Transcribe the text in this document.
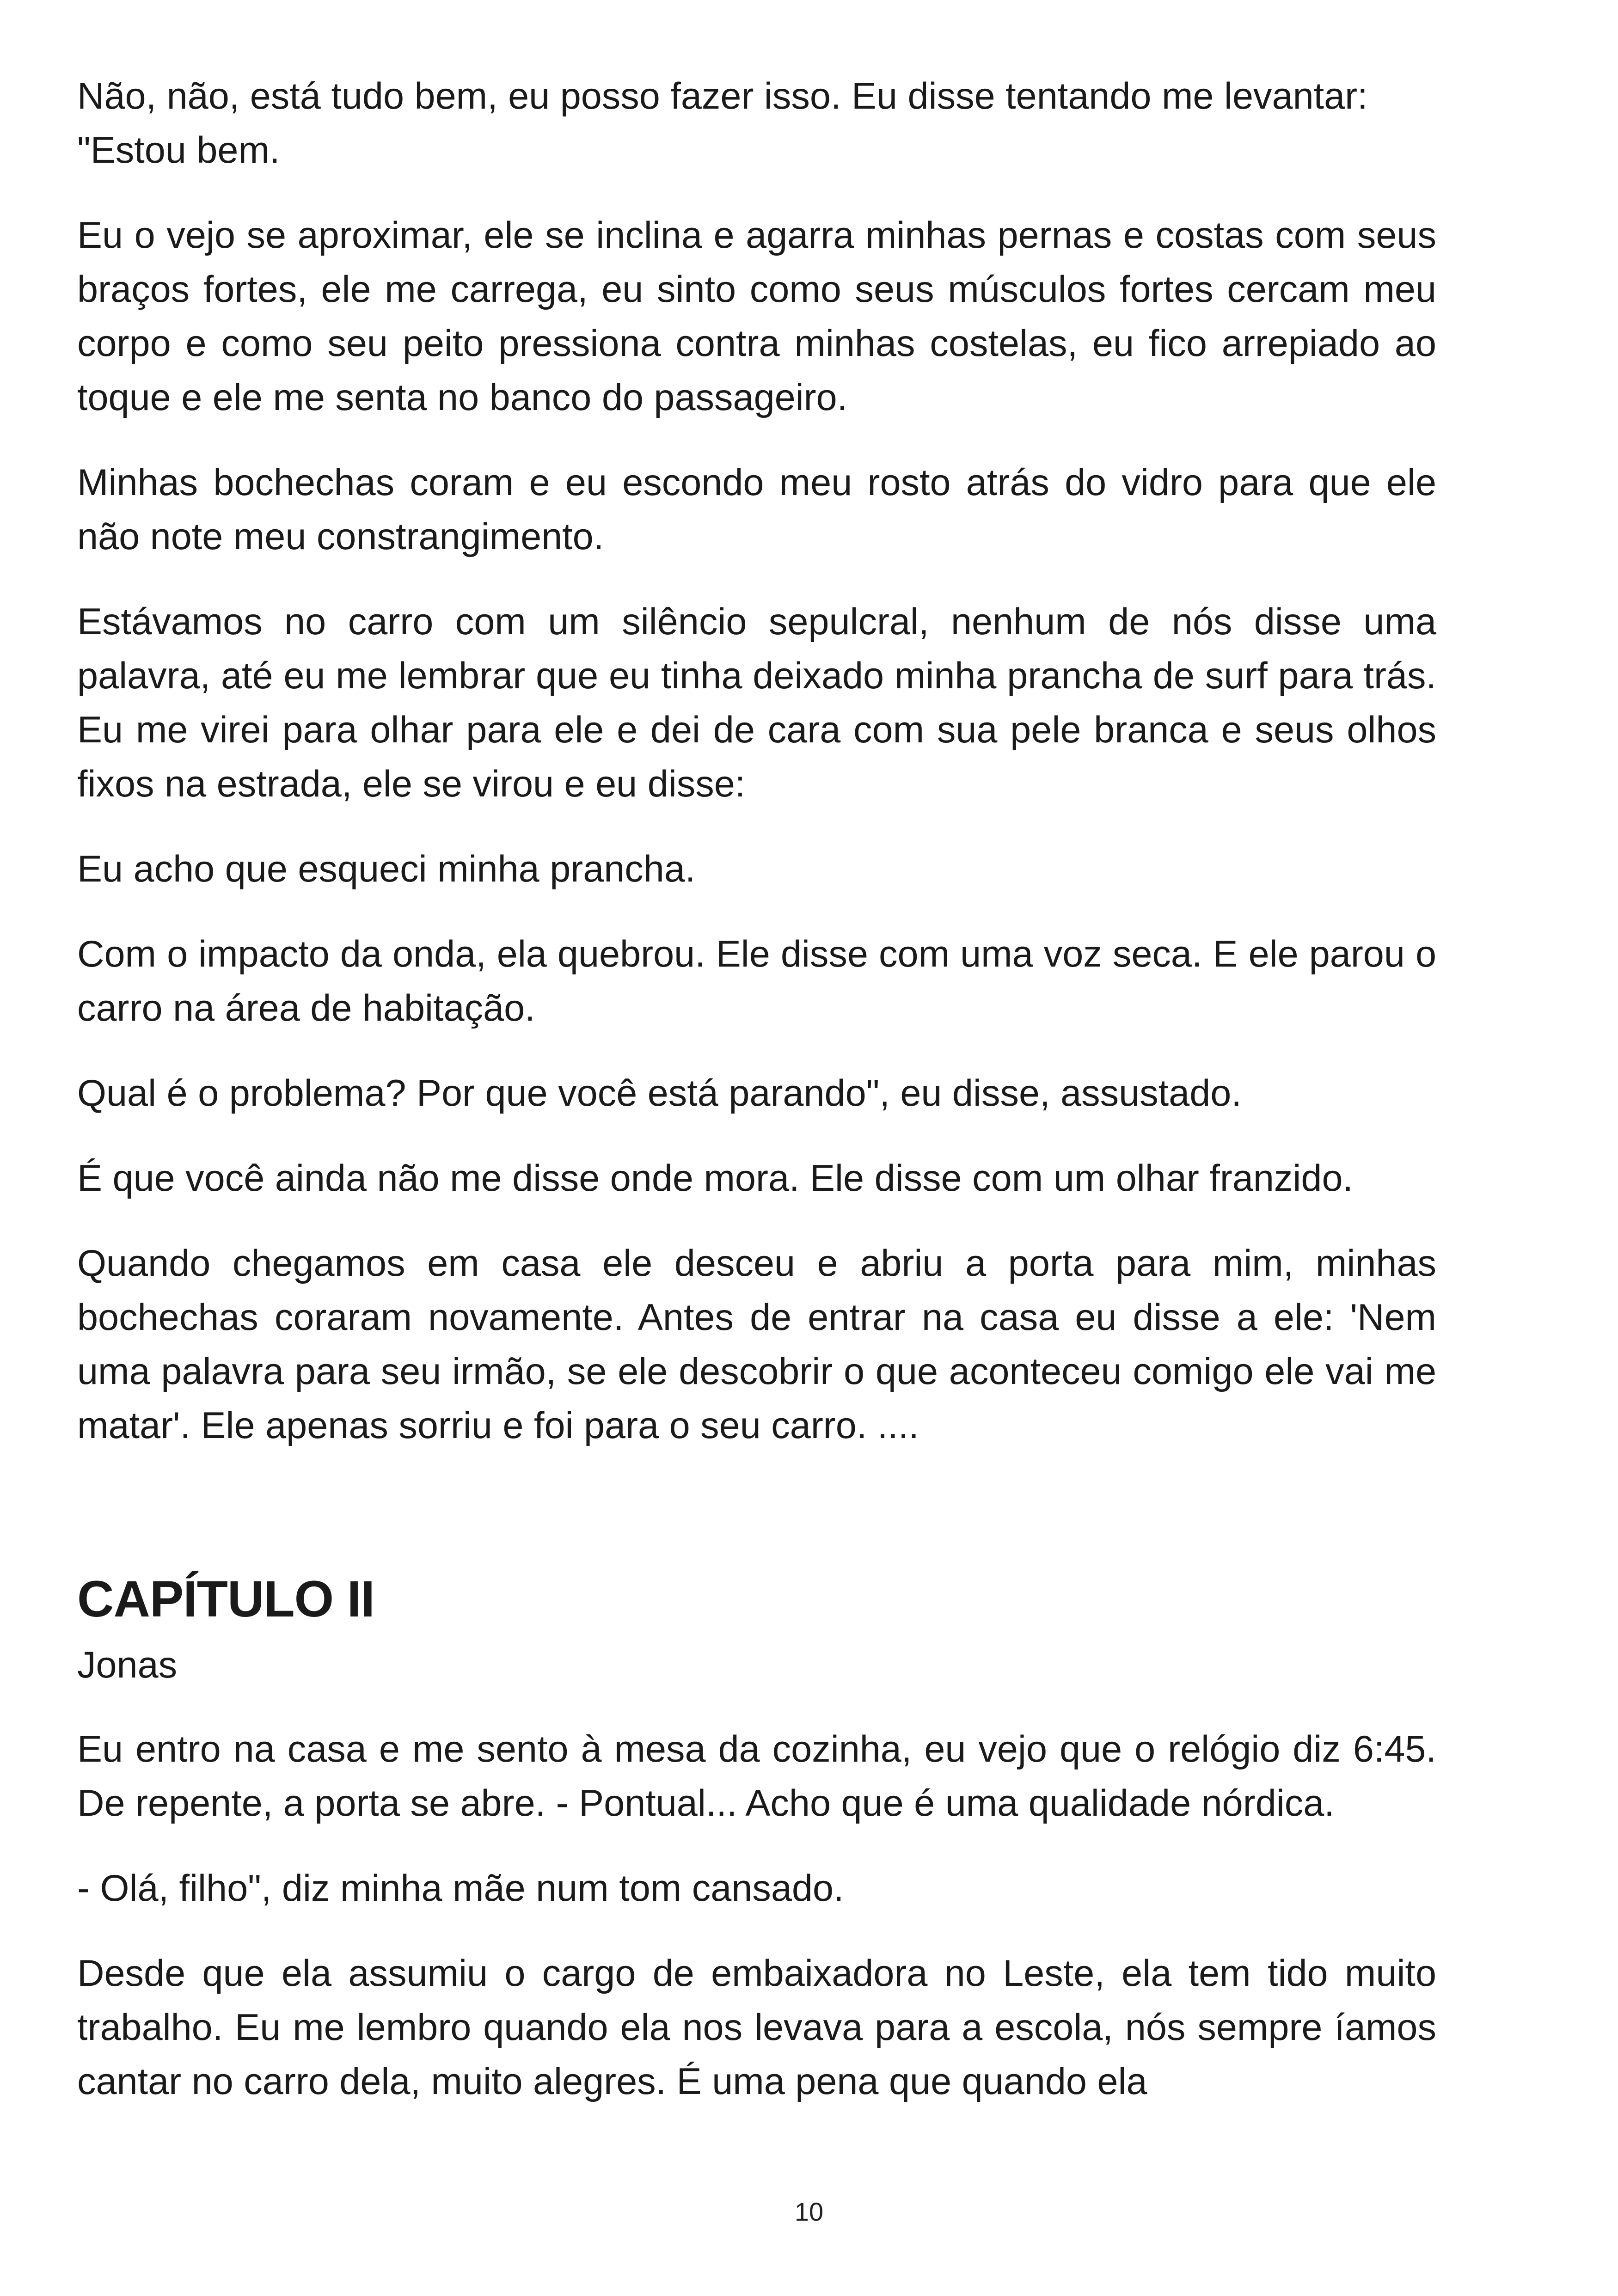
Não, não, está tudo bem, eu posso fazer isso. Eu disse tentando me levantar:
"Estou bem.

Eu o vejo se aproximar, ele se inclina e agarra minhas pernas e costas com seus braços fortes, ele me carrega, eu sinto como seus músculos fortes cercam meu corpo e como seu peito pressiona contra minhas costelas, eu fico arrepiado ao toque e ele me senta no banco do passageiro.

Minhas bochechas coram e eu escondo meu rosto atrás do vidro para que ele não note meu constrangimento.

Estávamos no carro com um silêncio sepulcral, nenhum de nós disse uma palavra, até eu me lembrar que eu tinha deixado minha prancha de surf para trás. Eu me virei para olhar para ele e dei de cara com sua pele branca e seus olhos fixos na estrada, ele se virou e eu disse:

Eu acho que esqueci minha prancha.

Com o impacto da onda, ela quebrou. Ele disse com uma voz seca. E ele parou o carro na área de habitação.

Qual é o problema? Por que você está parando", eu disse, assustado.

É que você ainda não me disse onde mora. Ele disse com um olhar franzido.

Quando chegamos em casa ele desceu e abriu a porta para mim, minhas bochechas coraram novamente. Antes de entrar na casa eu disse a ele: 'Nem uma palavra para seu irmão, se ele descobrir o que aconteceu comigo ele vai me matar'. Ele apenas sorriu e foi para o seu carro. ....

CAPÍTULO II
Jonas

Eu entro na casa e me sento à mesa da cozinha, eu vejo que o relógio diz 6:45. De repente, a porta se abre. - Pontual... Acho que é uma qualidade nórdica.

- Olá, filho", diz minha mãe num tom cansado.

Desde que ela assumiu o cargo de embaixadora no Leste, ela tem tido muito trabalho. Eu me lembro quando ela nos levava para a escola, nós sempre íamos cantar no carro dela, muito alegres. É uma pena que quando ela

10
